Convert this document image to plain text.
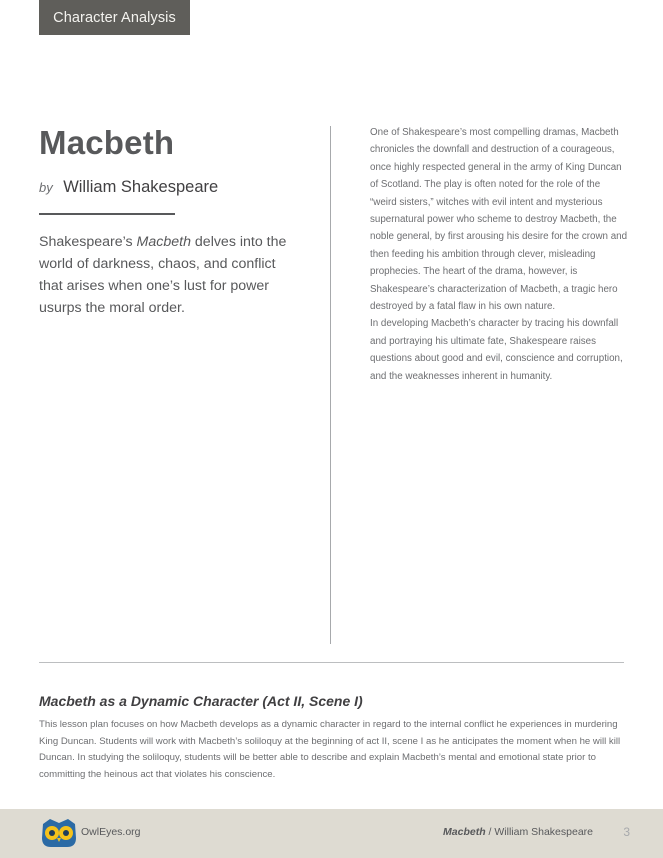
Character Analysis
Macbeth
by William Shakespeare

Shakespeare’s Macbeth delves into the world of darkness, chaos, and conflict that arises when one’s lust for power usurps the moral order.

One of Shakespeare’s most compelling dramas, Macbeth chronicles the downfall and destruction of a courageous, once highly respected general in the army of King Duncan of Scotland. The play is often noted for the role of the “weird sisters,” witches with evil intent and mysterious supernatural power who scheme to destroy Macbeth, the noble general, by first arousing his desire for the crown and then feeding his ambition through clever, misleading prophecies. The heart of the drama, however, is Shakespeare’s characterization of Macbeth, a tragic hero destroyed by a fatal flaw in his own nature.

In developing Macbeth’s character by tracing his downfall and portraying his ultimate fate, Shakespeare raises questions about good and evil, conscience and corruption, and the weaknesses inherent in humanity.

Macbeth as a Dynamic Character (Act II, Scene I)

This lesson plan focuses on how Macbeth develops as a dynamic character in regard to the internal conflict he experiences in murdering King Duncan. Students will work with Macbeth’s soliloquy at the beginning of act II, scene I as he anticipates the moment when he will kill Duncan. In studying the soliloquy, students will be better able to describe and explain Macbeth’s mental and emotional state prior to committing the heinous act that violates his conscience.

OwlEyes.org	Macbeth / William Shakespeare	3
